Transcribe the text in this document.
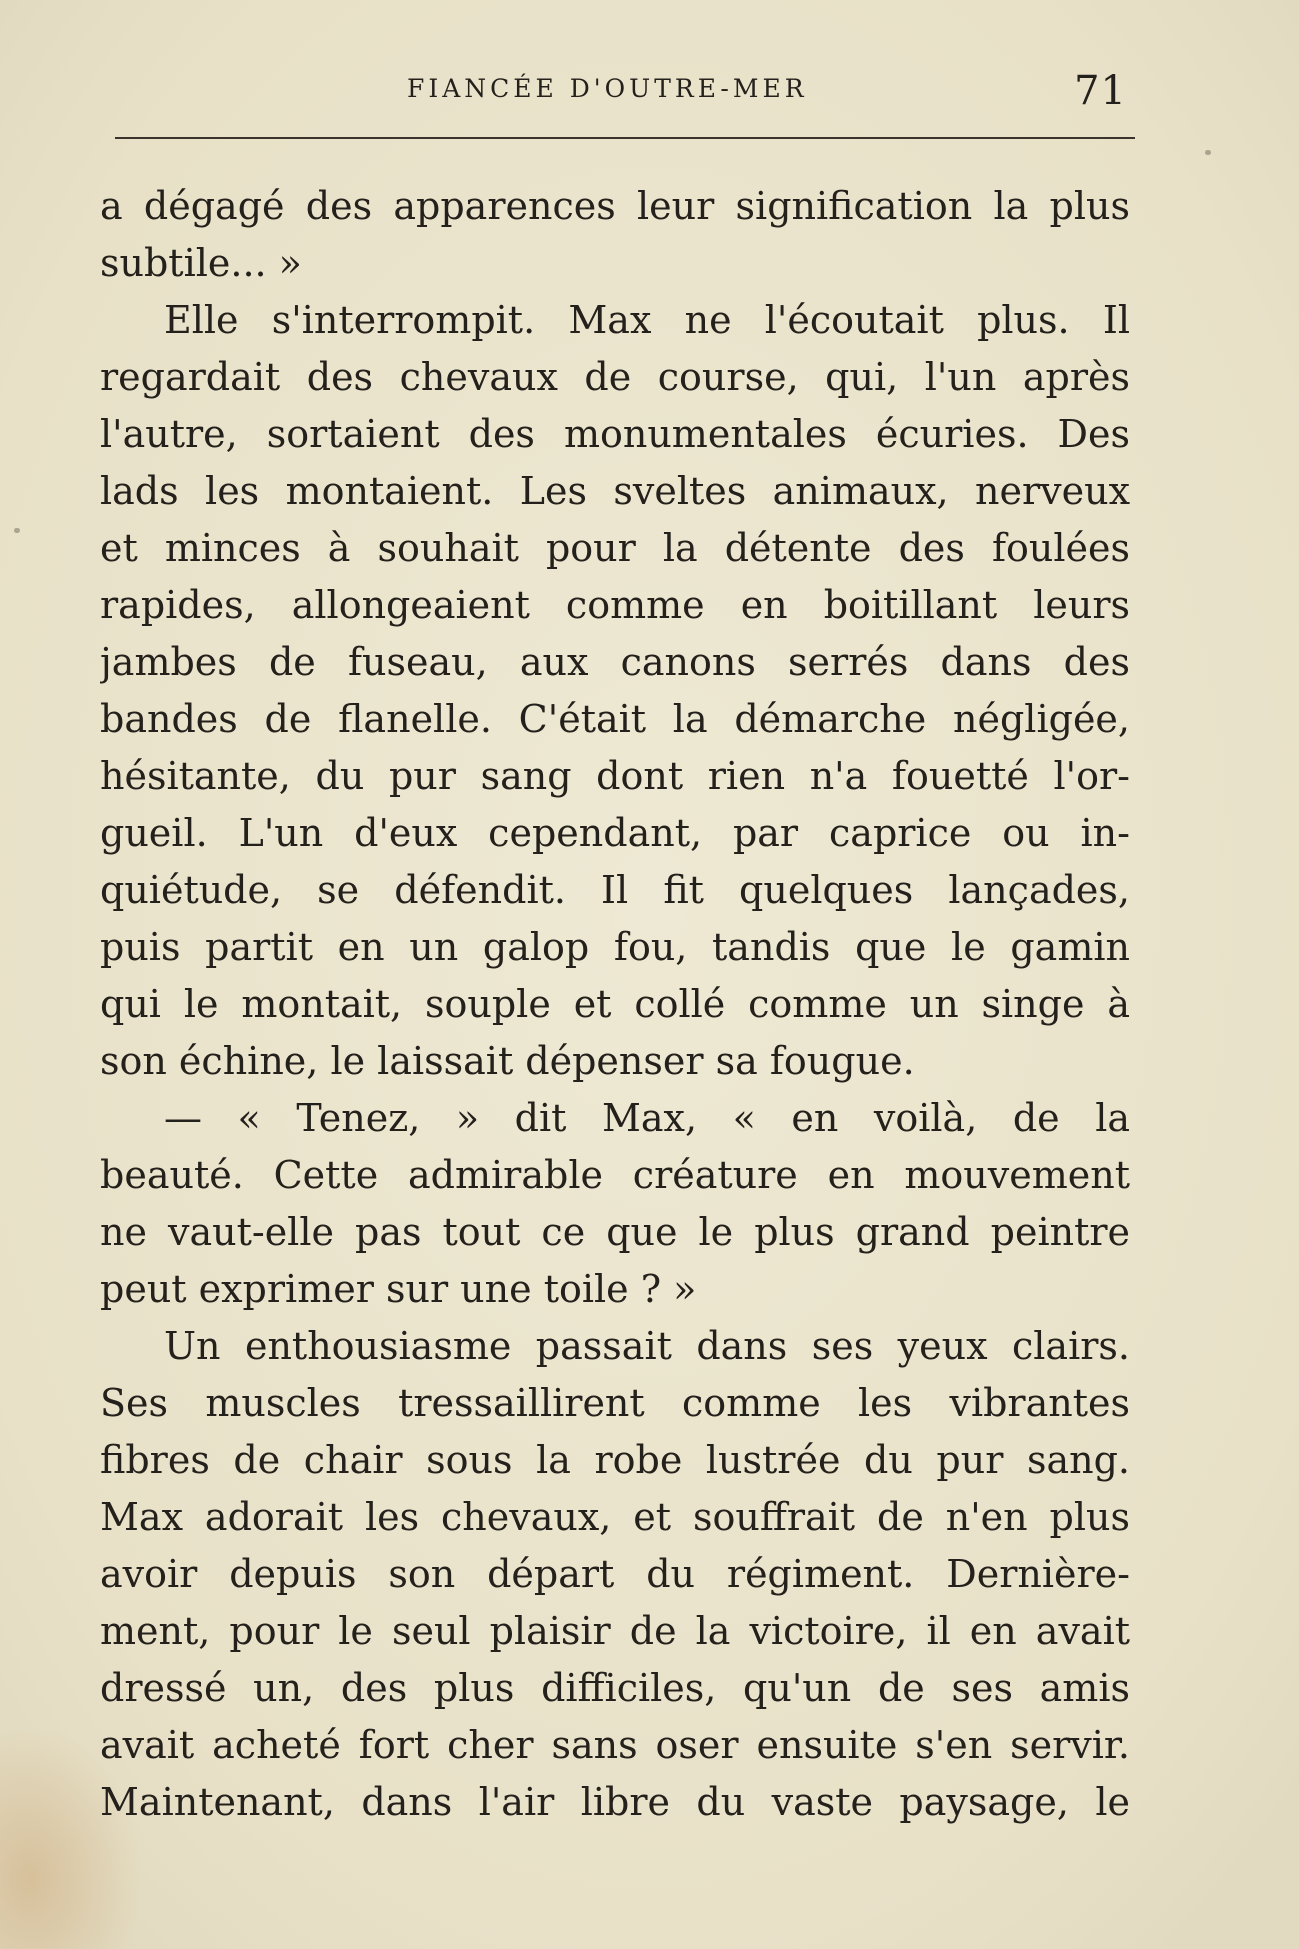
FIANCÉE D'OUTRE-MER	71
a dégagé des apparences leur signification la plus
subtile... »
Elle s'interrompit. Max ne l'écoutait plus. Il
regardait des chevaux de course, qui, l'un après
l'autre, sortaient des monumentales écuries. Des
lads les montaient. Les sveltes animaux, nerveux
et minces à souhait pour la détente des foulées
rapides, allongeaient comme en boitillant leurs
jambes de fuseau, aux canons serrés dans des
bandes de flanelle. C'était la démarche négligée,
hésitante, du pur sang dont rien n'a fouetté l'or-
gueil. L'un d'eux cependant, par caprice ou in-
quiétude, se défendit. Il fit quelques lançades,
puis partit en un galop fou, tandis que le gamin
qui le montait, souple et collé comme un singe à
son échine, le laissait dépenser sa fougue.
— « Tenez, » dit Max, « en voilà, de la
beauté. Cette admirable créature en mouvement
ne vaut-elle pas tout ce que le plus grand peintre
peut exprimer sur une toile ? »
Un enthousiasme passait dans ses yeux clairs.
Ses muscles tressaillirent comme les vibrantes
fibres de chair sous la robe lustrée du pur sang.
Max adorait les chevaux, et souffrait de n'en plus
avoir depuis son départ du régiment. Dernière-
ment, pour le seul plaisir de la victoire, il en avait
dressé un, des plus difficiles, qu'un de ses amis
avait acheté fort cher sans oser ensuite s'en servir.
Maintenant, dans l'air libre du vaste paysage, le
